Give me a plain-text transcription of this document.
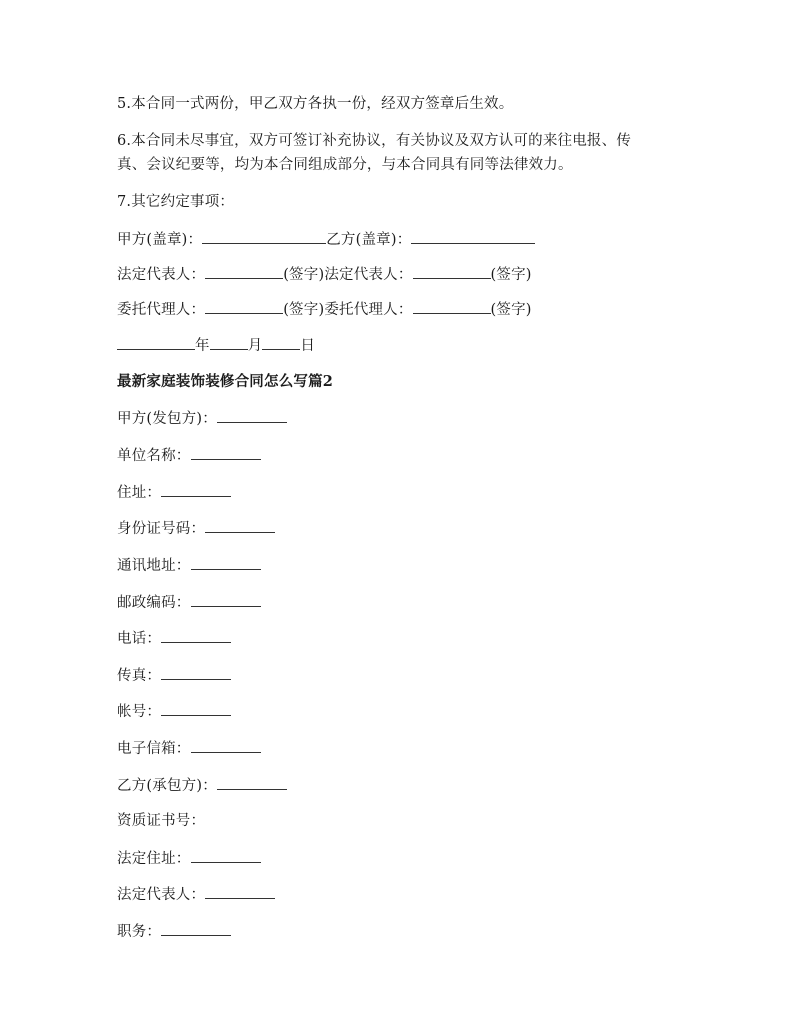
5.本合同一式两份，甲乙双方各执一份，经双方签章后生效。
6.本合同未尽事宜，双方可签订补充协议，有关协议及双方认可的来往电报、传
真、会议纪要等，均为本合同组成部分，与本合同具有同等法律效力。
7.其它约定事项：
甲方(盖章)：	乙方(盖章)：
法定代表人：	(签字)法定代表人：	(签字)
委托代理人：	(签字)委托代理人：	(签字)
年	月	日
最新家庭装饰装修合同怎么写篇2
甲方(发包方)：
单位名称：
住址：
身份证号码：
通讯地址：
邮政编码：
电话：
传真：
帐号：
电子信箱：
乙方(承包方)：
资质证书号：
法定住址：
法定代表人：
职务：
